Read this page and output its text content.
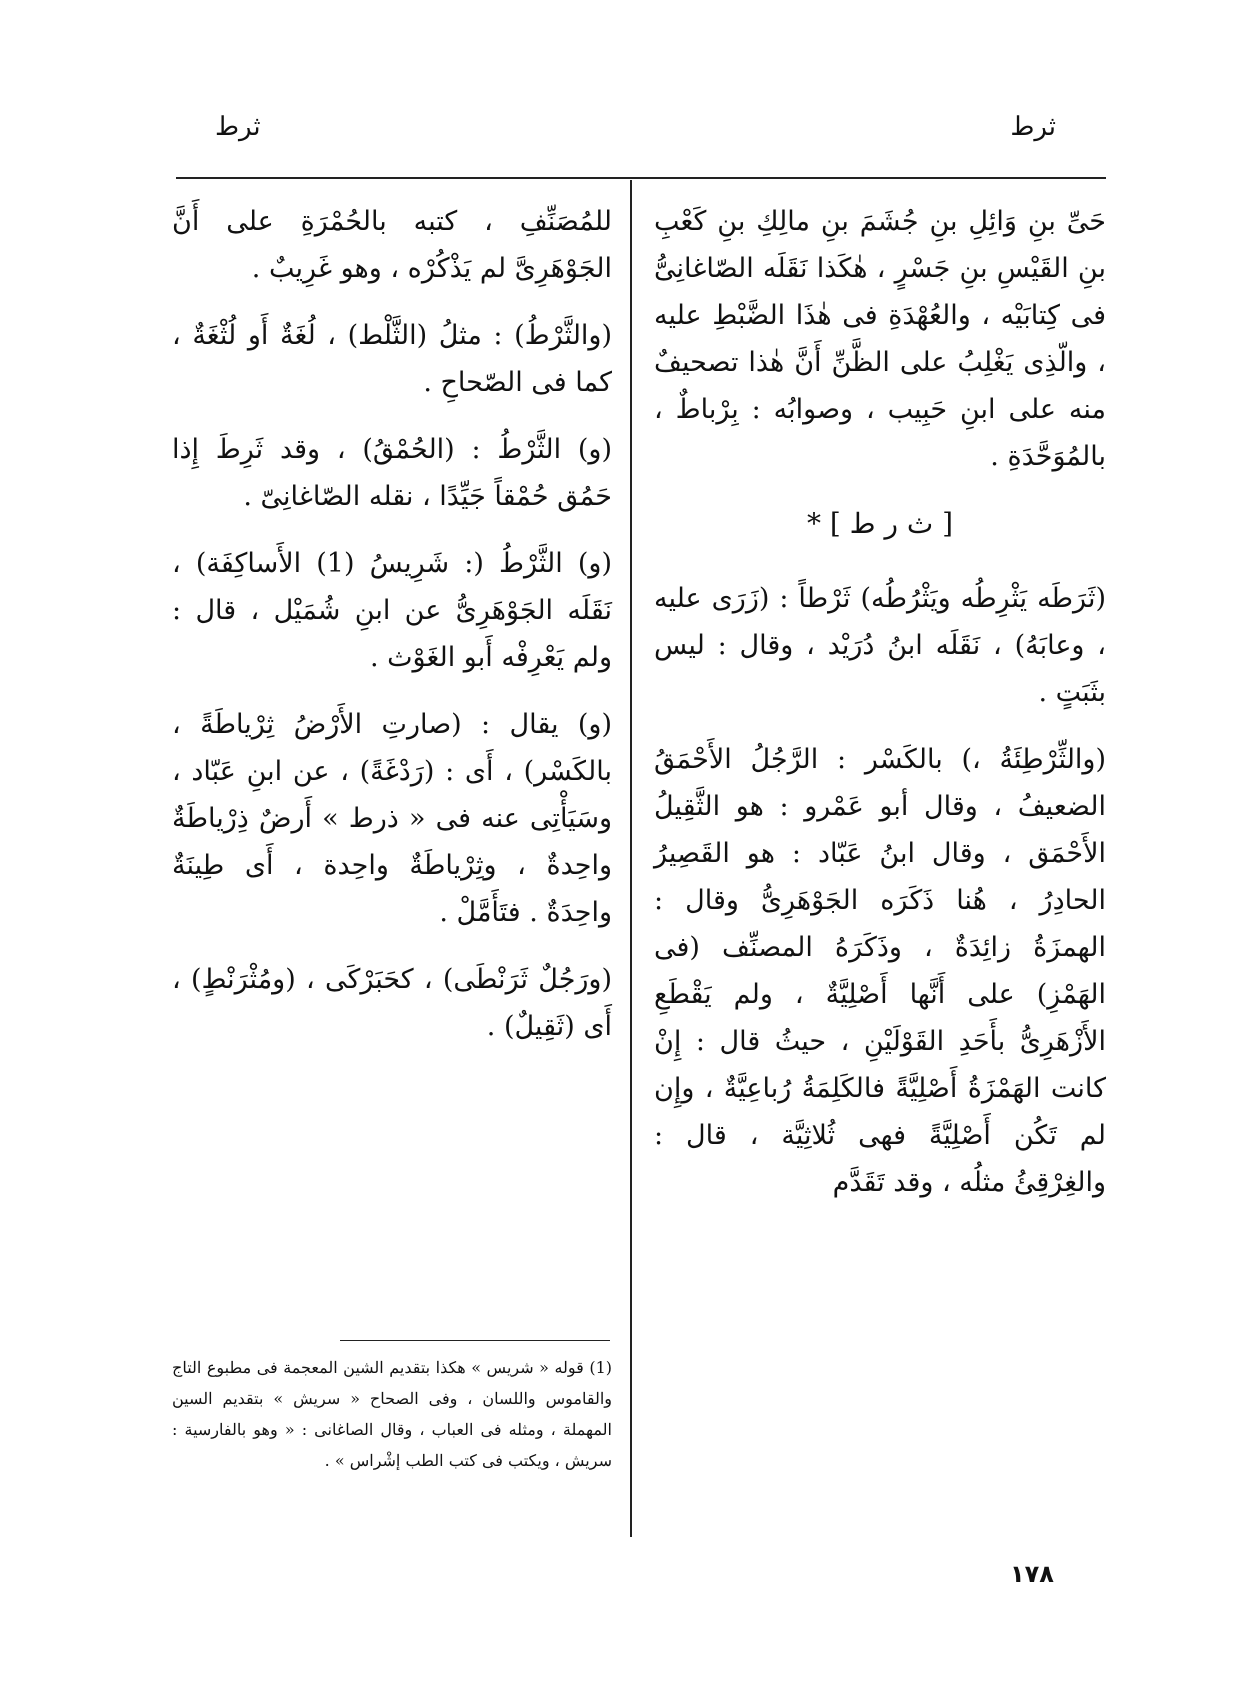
ثرط
ثرط

حَىِّ بنِ وَائِلِ بنِ جُشَمَ بنِ مالِكِ بنِ كَعْبِ بنِ القَيْسِ بنِ جَسْرٍ ، هٰكَذا نَقَلَه الصّاغانِىُّ فى كِتابَيْه ، والعُهْدَةِ فى هٰذَا الضَّبْطِ عليه ، والّذِى يَغْلِبُ على الظَّنِّ أَنَّ هٰذا تصحيفٌ منه على ابنِ حَبِيب ، وصوابُه : بِرْباطٌ ، بالمُوَحَّدَةِ .

[ ث ر ط ] *

(ثَرَطَه يَثْرِطُه ويَثْرُطُه) ثَرْطاً : (زَرَى عليه ، وعابَهُ) ، نَقَلَه ابنُ دُرَيْد ، وقال : ليس بثَبَتٍ .

(والثِّرْطِئَةُ ،) بالكَسْر : الرَّجُلُ الأَحْمَقُ الضعيفُ ، وقال أبو عَمْرو : هو الثَّقِيلُ الأَحْمَق ، وقال ابنُ عَبّاد : هو القَصِيرُ الحادِرُ ، هُنا ذَكَرَه الجَوْهَرِىُّ وقال : الهمزَةُ زائِدَةٌ ، وذَكَرَهُ المصنِّف (فى الهَمْزِ) على أَنَّها أَصْلِيَّةٌ ، ولم يَقْطَعِ الأَزْهَرِىُّ بأَحَدِ القَوْلَيْنِ ، حيثُ قال : إِنْ كانت الهَمْزَةُ أَصْلِيَّةً فالكَلِمَةُ رُباعِيَّةٌ ، وإِن لم تَكُن أَصْلِيَّةً فهى ثُلاثِيَّة ، قال : والغِرْقِئُ مثلُه ، وقد تَقَدَّم

للمُصَنِّفِ ، كتبه بالحُمْرَةِ على أَنَّ الجَوْهَرِىَّ لم يَذْكُرْه ، وهو غَرِيبٌ .

(والثَّرْطُ) : مثلُ (الثَّلْط) ، لُغَةٌ أَو لُثْغَةٌ ، كما فى الصّحاحِ .

(و) الثَّرْطُ : (الحُمْقُ) ، وقد ثَرِطَ إِذا حَمُق حُمْقاً جَيِّدًا ، نقله الصّاغانِىّ .

(و) الثَّرْطُ (: شَرِيسُ (1) الأَساكِفَة) ، نَقَلَه الجَوْهَرِىُّ عن ابنِ شُمَيْل ، قال : ولم يَعْرِفْه أَبو الغَوْث .

(و) يقال : (صارتِ الأَرْضُ ثِرْياطَةً ، بالكَسْر) ، أَى : (رَدْغَةً) ، عن ابنِ عَبّاد ، وسَيَأْتِى عنه فى « ذرط » أَرضٌ ذِرْياطَةٌ واحِدةٌ ، وثِرْياطَةٌ واحِدة ، أَى طِينَةٌ واحِدَةٌ . فتَأَمَّلْ .

(ورَجُلٌ ثَرَنْطَى) ، كحَبَرْكَى ، (ومُثْرَنْطٍ) ، أَى (ثَقِيلٌ) .

(1) قوله « شريس » هكذا بتقديم الشين المعجمة فى مطبوع التاج والقاموس واللسان ، وفى الصحاح « سريش » بتقديم السين المهملة ، ومثله فى العباب ، وقال الصاغانى : « وهو بالفارسية : سريش ، ويكتب فى كتب الطب إشْراس » .
١٧٨
